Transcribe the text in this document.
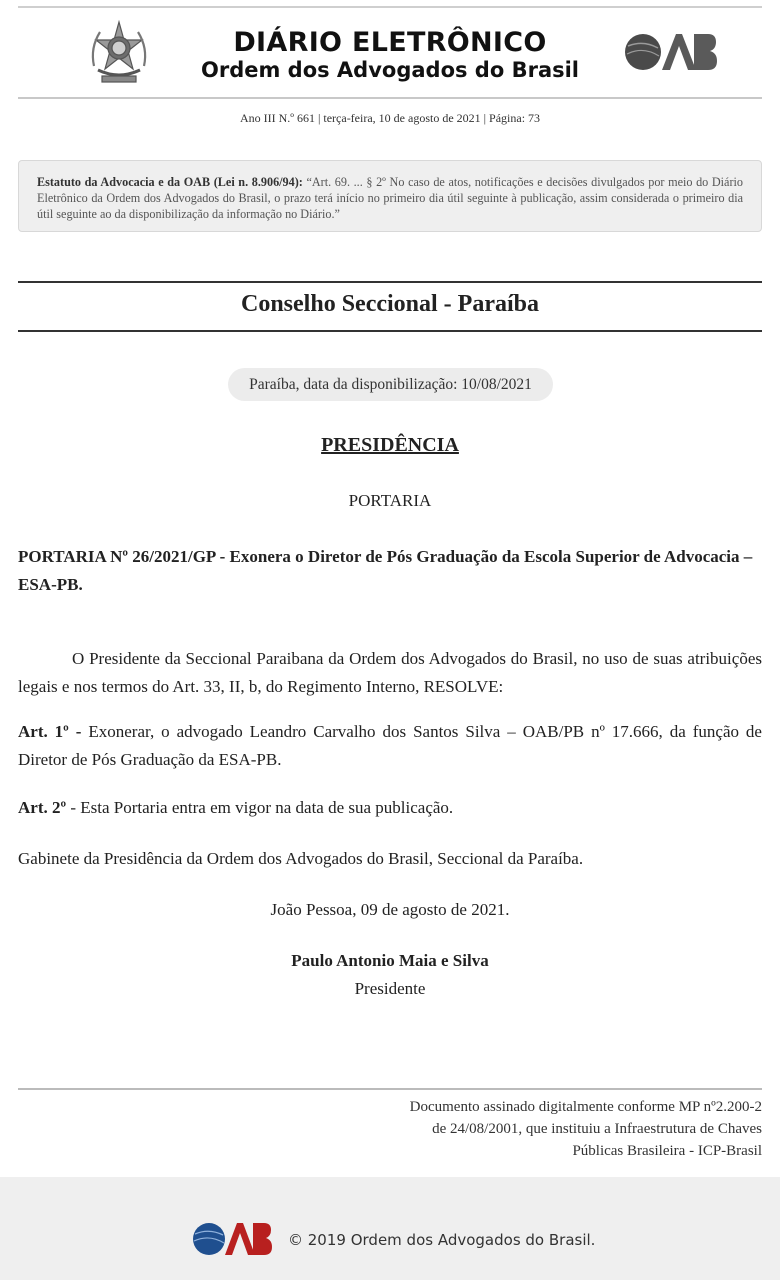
DIÁRIO ELETRÔNICO
Ordem dos Advogados do Brasil
Ano III N.º 661 | terça-feira, 10 de agosto de 2021 | Página: 73
Estatuto da Advocacia e da OAB (Lei n. 8.906/94): “Art. 69. ... § 2º No caso de atos, notificações e decisões divulgados por meio do Diário Eletrônico da Ordem dos Advogados do Brasil, o prazo terá início no primeiro dia útil seguinte à publicação, assim considerada o primeiro dia útil seguinte ao da disponibilização da informação no Diário.”
Conselho Seccional - Paraíba
Paraíba, data da disponibilização: 10/08/2021
PRESIDÊNCIA
PORTARIA
PORTARIA Nº 26/2021/GP - Exonera o Diretor de Pós Graduação da Escola Superior de Advocacia – ESA-PB.
O Presidente da Seccional Paraibana da Ordem dos Advogados do Brasil, no uso de suas atribuições legais e nos termos do Art. 33, II, b, do Regimento Interno, RESOLVE:
Art. 1º - Exonerar, o advogado Leandro Carvalho dos Santos Silva – OAB/PB nº 17.666, da função de Diretor de Pós Graduação da ESA-PB.
Art. 2º - Esta Portaria entra em vigor na data de sua publicação.
Gabinete da Presidência da Ordem dos Advogados do Brasil, Seccional da Paraíba.
João Pessoa, 09 de agosto de 2021.
Paulo Antonio Maia e Silva
Presidente
Documento assinado digitalmente conforme MP nº2.200-2 de 24/08/2001, que instituiu a Infraestrutura de Chaves Públicas Brasileira - ICP-Brasil
© 2019 Ordem dos Advogados do Brasil.
